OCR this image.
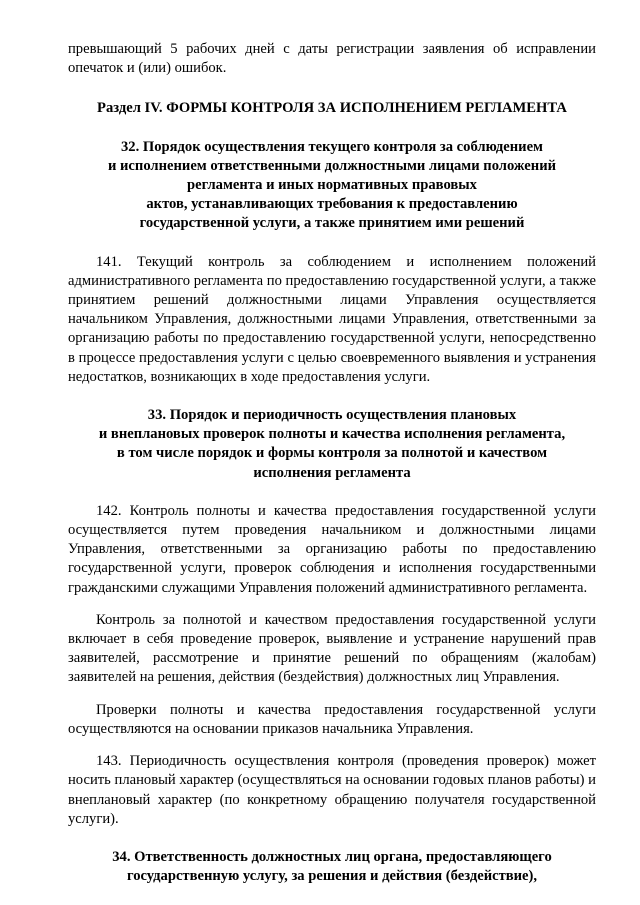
превышающий 5 рабочих дней с даты регистрации заявления об исправлении опечаток и (или) ошибок.

Раздел IV. ФОРМЫ КОНТРОЛЯ ЗА ИСПОЛНЕНИЕМ РЕГЛАМЕНТА
32. Порядок осуществления текущего контроля за соблюдением
и исполнением ответственными должностными лицами положений
регламента и иных нормативных правовых
актов, устанавливающих требования к предоставлению
государственной услуги, а также принятием ими решений

141. Текущий контроль за соблюдением и исполнением положений административного регламента по предоставлению государственной услуги, а также принятием решений должностными лицами Управления осуществляется начальником Управления, должностными лицами Управления, ответственными за организацию работы по предоставлению государственной услуги, непосредственно в процессе предоставления услуги с целью своевременного выявления и устранения недостатков, возникающих в ходе предоставления услуги.

33. Порядок и периодичность осуществления плановых
и внеплановых проверок полноты и качества исполнения регламента,
в том числе порядок и формы контроля за полнотой и качеством
исполнения регламента

142. Контроль полноты и качества предоставления государственной услуги осуществляется путем проведения начальником и должностными лицами Управления, ответственными за организацию работы по предоставлению государственной услуги, проверок соблюдения и исполнения государственными гражданскими служащими Управления положений административного регламента.

Контроль за полнотой и качеством предоставления государственной услуги включает в себя проведение проверок, выявление и устранение нарушений прав заявителей, рассмотрение и принятие решений по обращениям (жалобам) заявителей на решения, действия (бездействия) должностных лиц Управления.

Проверки полноты и качества предоставления государственной услуги осуществляются на основании приказов начальника Управления.

143. Периодичность осуществления контроля (проведения проверок) может носить плановый характер (осуществляться на основании годовых планов работы) и внеплановый характер (по конкретному обращению получателя государственной услуги).

34. Ответственность должностных лиц органа, предоставляющего
государственную услугу, за решения и действия (бездействие),
